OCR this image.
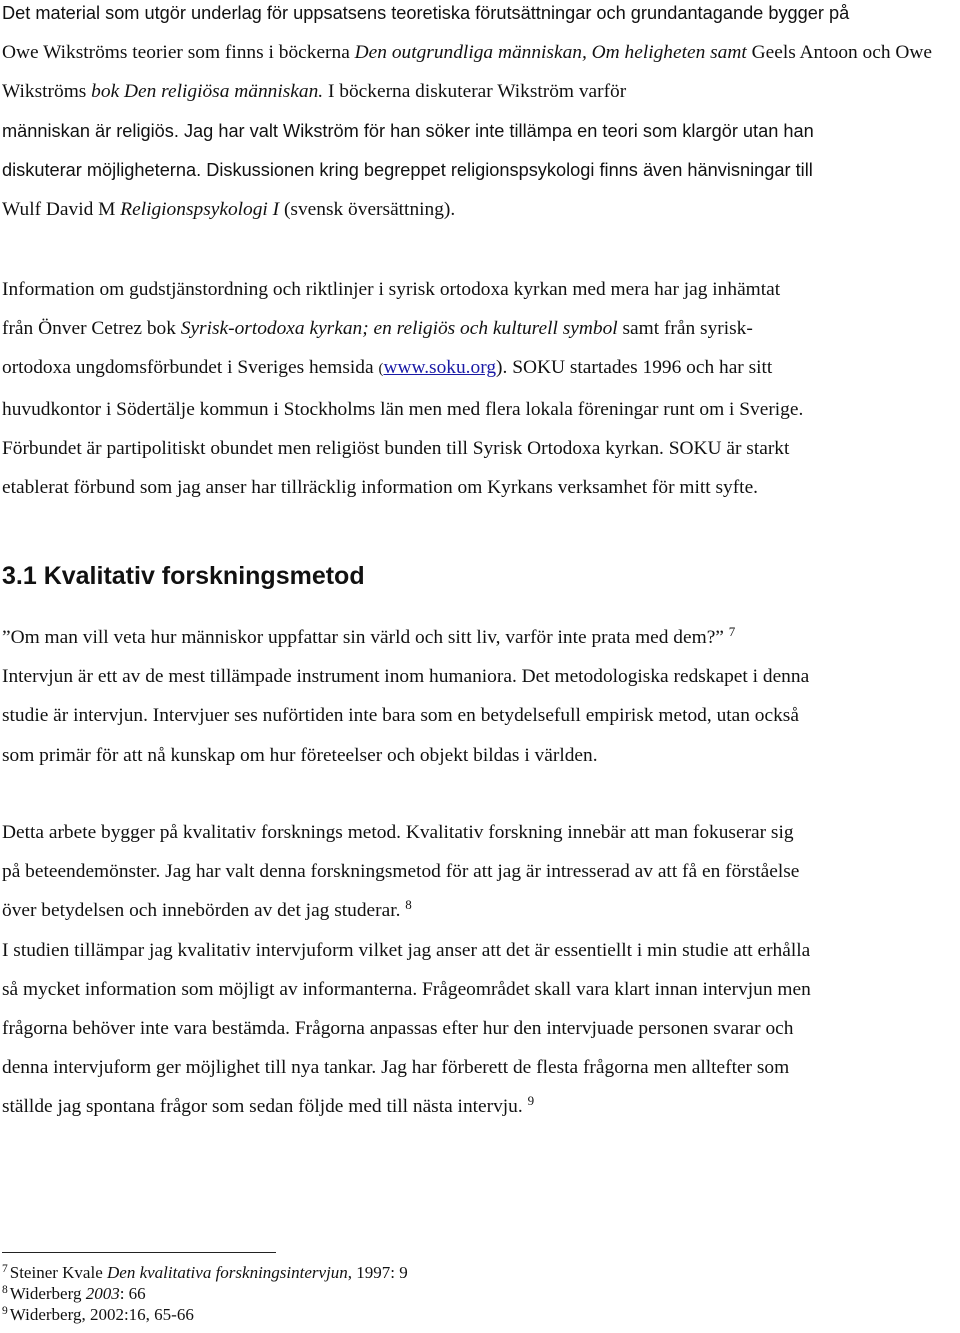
Det material som utgör underlag för uppsatsens teoretiska förutsättningar och grundantagande bygger på
Owe Wikströms teorier som finns i böckerna Den outgrundliga människan, Om heligheten samt Geels Antoon och Owe Wikströms bok Den religiösa människan. I böckerna diskuterar Wikström varför
människan är religiös. Jag har valt Wikström för han söker inte tillämpa en teori som klargör utan han
diskuterar möjligheterna. Diskussionen kring begreppet religionspsykologi finns även hänvisningar till
Wulf David M Religionspsykologi I (svensk översättning).

Information om gudstjänstordning och riktlinjer i syrisk ortodoxa kyrkan med mera har jag inhämtat
från Önver Cetrez bok Syrisk-ortodoxa kyrkan; en religiös och kulturell symbol samt från syrisk-
ortodoxa ungdomsförbundet i Sveriges hemsida (www.soku.org). SOKU startades 1996 och har sitt
huvudkontor i Södertälje kommun i Stockholms län men med flera lokala föreningar runt om i Sverige.
Förbundet är partipolitiskt obundet men religiöst bunden till Syrisk Ortodoxa kyrkan. SOKU är starkt
etablerat förbund som jag anser har tillräcklig information om Kyrkans verksamhet för mitt syfte.

3.1 Kvalitativ forskningsmetod

”Om man vill veta hur människor uppfattar sin värld och sitt liv, varför inte prata med dem?” $^7$
Intervjun är ett av de mest tillämpade instrument inom humaniora. Det metodologiska redskapet i denna
studie är intervjun. Intervjuer ses nuförtiden inte bara som en betydelsefull empirisk metod, utan också
som primär för att nå kunskap om hur företeelser och objekt bildas i världen.

Detta arbete bygger på kvalitativ forsknings metod. Kvalitativ forskning innebär att man fokuserar sig
på beteendemönster. Jag har valt denna forskningsmetod för att jag är intresserad av att få en förståelse
över betydelsen och innebörden av det jag studerar. $^8$
I studien tillämpar jag kvalitativ intervjuform vilket jag anser att det är essentiellt i min studie att erhålla
så mycket information som möjligt av informanterna. Frågeområdet skall vara klart innan intervjun men
frågorna behöver inte vara bestämda. Frågorna anpassas efter hur den intervjuade personen svarar och
denna intervjuform ger möjlighet till nya tankar. Jag har förberett de flesta frågorna men alltefter som
ställde jag spontana frågor som sedan följde med till nästa intervju. $^9$

$^7$ Steiner Kvale Den kvalitativa forskningsintervjun, 1997: 9
$^8$ Widerberg 2003: 66
$^9$ Widerberg, 2002:16, 65-66
